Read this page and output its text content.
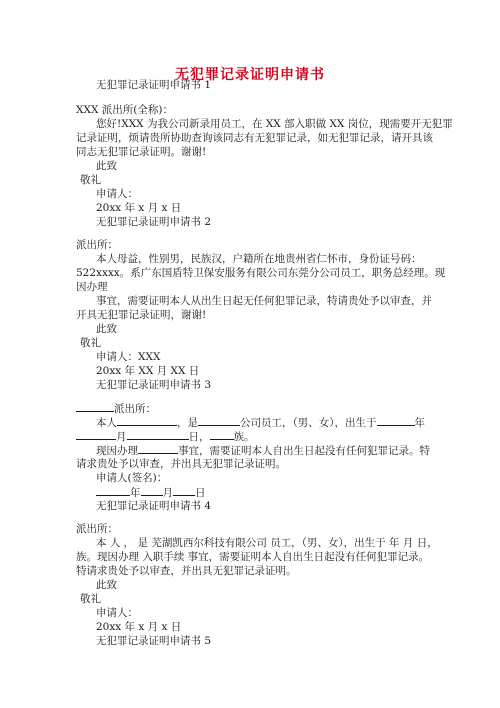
无犯罪记录证明申请书
无犯罪记录证明申请书 1
XXX 派出所(全称)：
您好!XXX 为我公司新录用员工，在 XX 部入职做 XX 岗位，现需要开无犯罪
记录证明，烦请贵所协助查询该同志有无犯罪记录，如无犯罪记录，请开具该
同志无犯罪记录证明。谢谢!
此致
敬礼
申请人：
20xx 年 x 月 x 日
无犯罪记录证明申请书 2
派出所：
本人母益，性别男，民族汉，户籍所在地贵州省仁怀市，身份证号码：
522xxxx。系广东国盾特卫保安服务有限公司东莞分公司员工，职务总经理。现
因办理
事宜，需要证明本人从出生日起无任何犯罪记录，特请贵处予以审查，并
开具无犯罪记录证明，谢谢!
此致
敬礼
申请人：XXX
20xx 年 XX 月 XX 日
无犯罪记录证明申请书 3
派出所：
本人	，是	公司员工，（男、女），出生于	年
月	日， 族。
现因办理	事宜，需要证明本人自出生日起没有任何犯罪记录。特
请求贵处予以审查，并出具无犯罪记录证明。
申请人(签名)：
年 月 日
无犯罪记录证明申请书 4
派出所：
本 人 ， 是 芜湖凯西尔科技有限公司 员工，（男、女），出生于 年 月 日，
族。现因办理 入职手续 事宜，需要证明本人自出生日起没有任何犯罪记录。
特请求贵处予以审查，并出具无犯罪记录证明。
此致
敬礼
申请人：
20xx 年 x 月 x 日
无犯罪记录证明申请书 5
